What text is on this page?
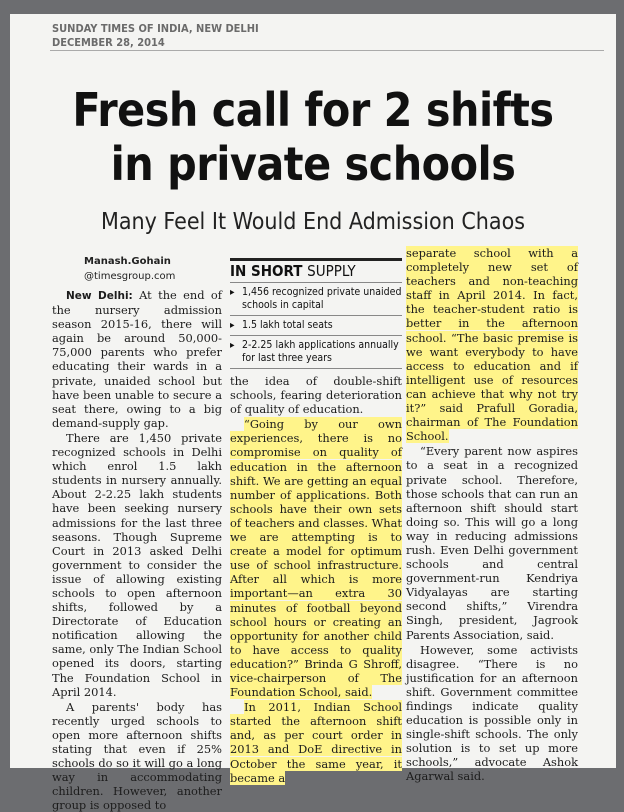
SUNDAY TIMES OF INDIA, NEW DELHI
DECEMBER 28, 2014
Fresh call for 2 shifts
in private schools
Many Feel It Would End Admission Chaos
Manash.Gohain
@timesgroup.com

New Delhi: At the end of the nursery admission season 2015-16, there will again be around 50,000-75,000 parents who prefer educating their wards in a private, unaided school but have been unable to secure a seat there, owing to a big demand-supply gap.

There are 1,450 private recognized schools in Delhi which enrol 1.5 lakh students in nursery annually. About 2-2.25 lakh students have been seeking nursery admissions for the last three seasons. Though Supreme Court in 2013 asked Delhi government to consider the issue of allowing existing schools to open afternoon shifts, followed by a Directorate of Education notification allowing the same, only The Indian School opened its doors, starting The Foundation School in April 2014.

A parents' body has recently urged schools to open more afternoon shifts stating that even if 25% schools do so it will go a long way in accommodating children. However, another group is opposed to

IN SHORT SUPPLY
▸ 1,456 recognized private unaided schools in capital
▸ 1.5 lakh total seats
▸ 2-2.25 lakh applications annually for last three years

the idea of double-shift schools, fearing deterioration of quality of education.

“Going by our own experiences, there is no compromise on quality of education in the afternoon shift. We are getting an equal number of applications. Both schools have their own sets of teachers and classes. What we are attempting is to create a model for optimum use of school infrastructure. After all which is more important—an extra 30 minutes of football beyond school hours or creating an opportunity for another child to have access to quality education?” Brinda G Shroff, vice-chairperson of The Foundation School, said.

In 2011, Indian School started the afternoon shift and, as per court order in 2013 and DoE directive in October the same year, it became a

separate school with a completely new set of teachers and non-teaching staff in April 2014. In fact, the teacher-student ratio is better in the afternoon school. “The basic premise is we want everybody to have access to education and if intelligent use of resources can achieve that why not try it?” said Prafull Goradia, chairman of The Foundation School.

“Every parent now aspires to a seat in a recognized private school. Therefore, those schools that can run an afternoon shift should start doing so. This will go a long way in reducing admissions rush. Even Delhi government schools and central government-run Kendriya Vidyalayas are starting second shifts,” Virendra Singh, president, Jagrook Parents Association, said.

However, some activists disagree. “There is no justification for an afternoon shift. Government committee findings indicate quality education is possible only in single-shift schools. The only solution is to set up more schools,” advocate Ashok Agarwal said.
